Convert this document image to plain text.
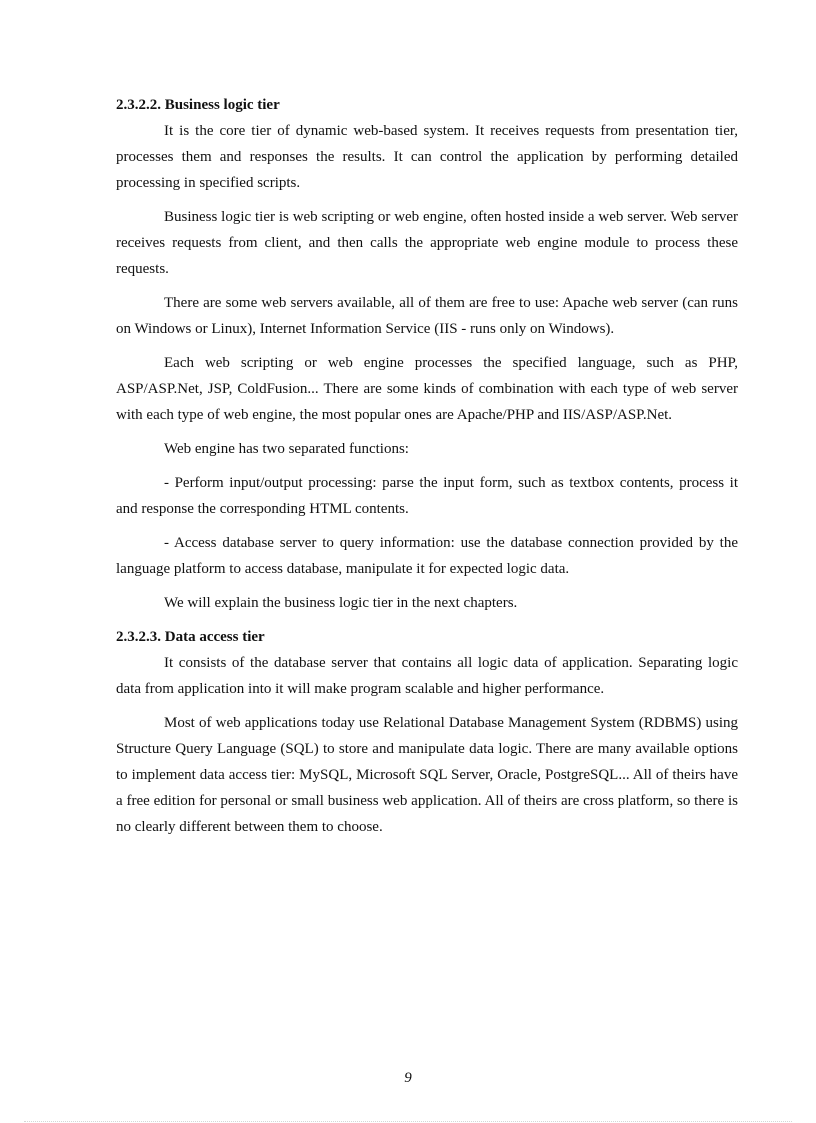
2.3.2.2. Business logic tier

It is the core tier of dynamic web-based system. It receives requests from presentation tier, processes them and responses the results. It can control the application by performing detailed processing in specified scripts.

Business logic tier is web scripting or web engine, often hosted inside a web server. Web server receives requests from client, and then calls the appropriate web engine module to process these requests.

There are some web servers available, all of them are free to use: Apache web server (can runs on Windows or Linux), Internet Information Service (IIS - runs only on Windows).

Each web scripting or web engine processes the specified language, such as PHP, ASP/ASP.Net, JSP, ColdFusion... There are some kinds of combination with each type of web server with each type of web engine, the most popular ones are Apache/PHP and IIS/ASP/ASP.Net.

Web engine has two separated functions:

- Perform input/output processing: parse the input form, such as textbox contents, process it and response the corresponding HTML contents.

- Access database server to query information: use the database connection provided by the language platform to access database, manipulate it for expected logic data.

We will explain the business logic tier in the next chapters.

2.3.2.3. Data access tier

It consists of the database server that contains all logic data of application. Separating logic data from application into it will make program scalable and higher performance.

Most of web applications today use Relational Database Management System (RDBMS) using Structure Query Language (SQL) to store and manipulate data logic. There are many available options to implement data access tier: MySQL, Microsoft SQL Server, Oracle, PostgreSQL... All of theirs have a free edition for personal or small business web application. All of theirs are cross platform, so there is no clearly different between them to choose.

9
